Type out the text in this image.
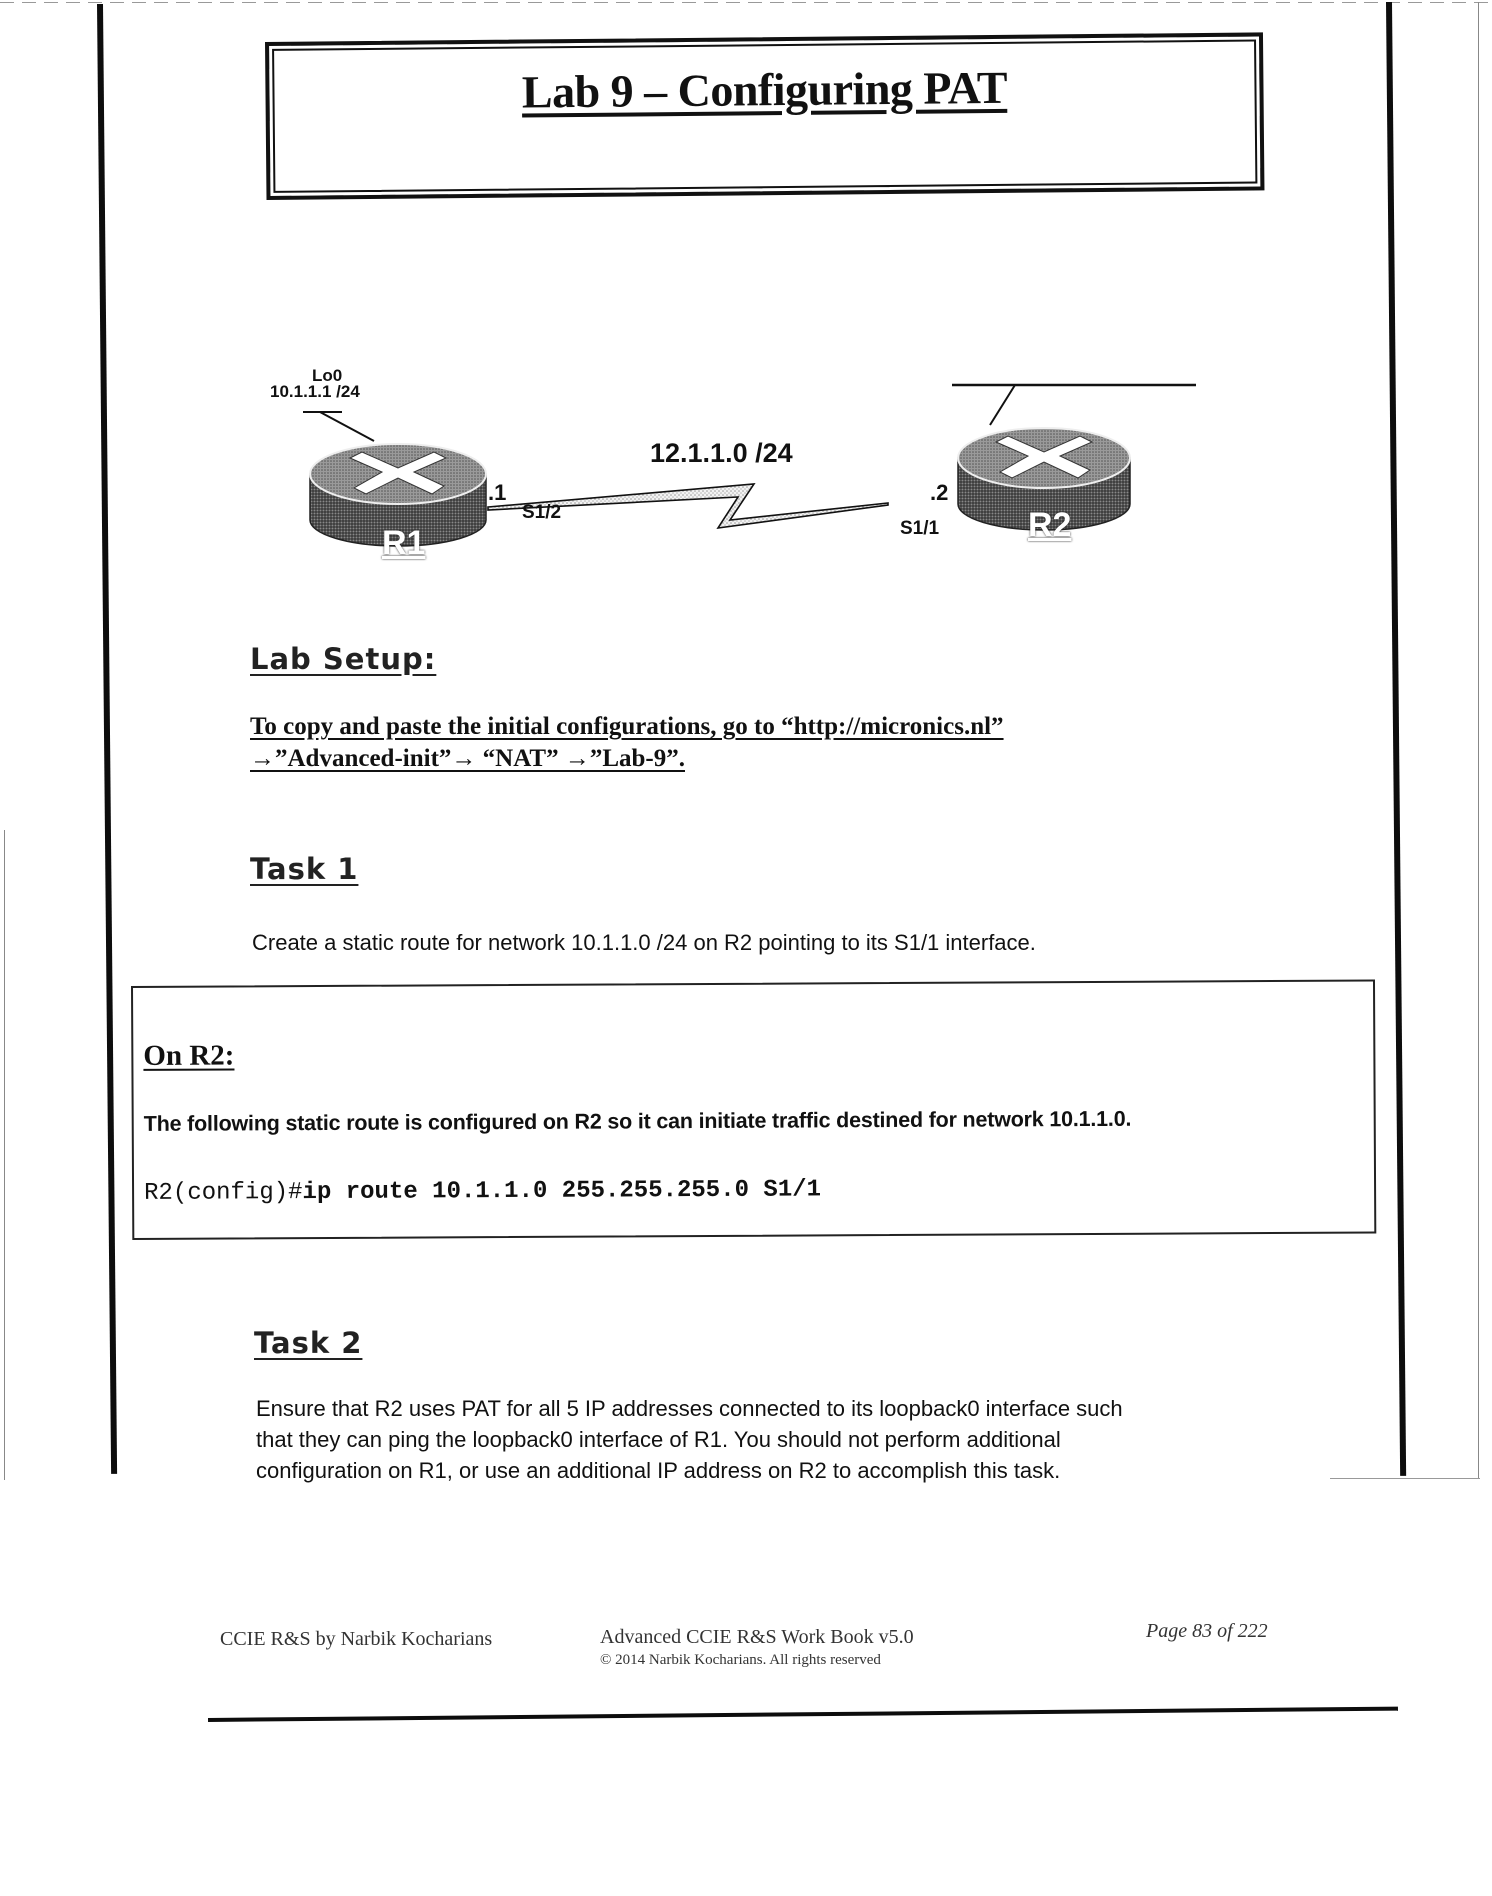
Lab 9 – Configuring PAT
Lo0
10.1.1.1 /24
12.1.1.0 /24
.1
S1/2
.2
S1/1
R1	R2
Lab Setup:
To copy and paste the initial configurations, go to “http://micronics.nl”
→”Advanced-init”→ “NAT” →”Lab-9”.
Task 1
Create a static route for network 10.1.1.0 /24 on R2 pointing to its S1/1 interface.
On R2:
The following static route is configured on R2 so it can initiate traffic destined for network 10.1.1.0.
R2(config)#ip route 10.1.1.0 255.255.255.0 S1/1
Task 2
Ensure that R2 uses PAT for all 5 IP addresses connected to its loopback0 interface such
that they can ping the loopback0 interface of R1. You should not perform additional
configuration on R1, or use an additional IP address on R2 to accomplish this task.
CCIE R&S by Narbik Kocharians	Advanced CCIE R&S Work Book v5.0
© 2014 Narbik Kocharians. All rights reserved
Page 83 of 222
